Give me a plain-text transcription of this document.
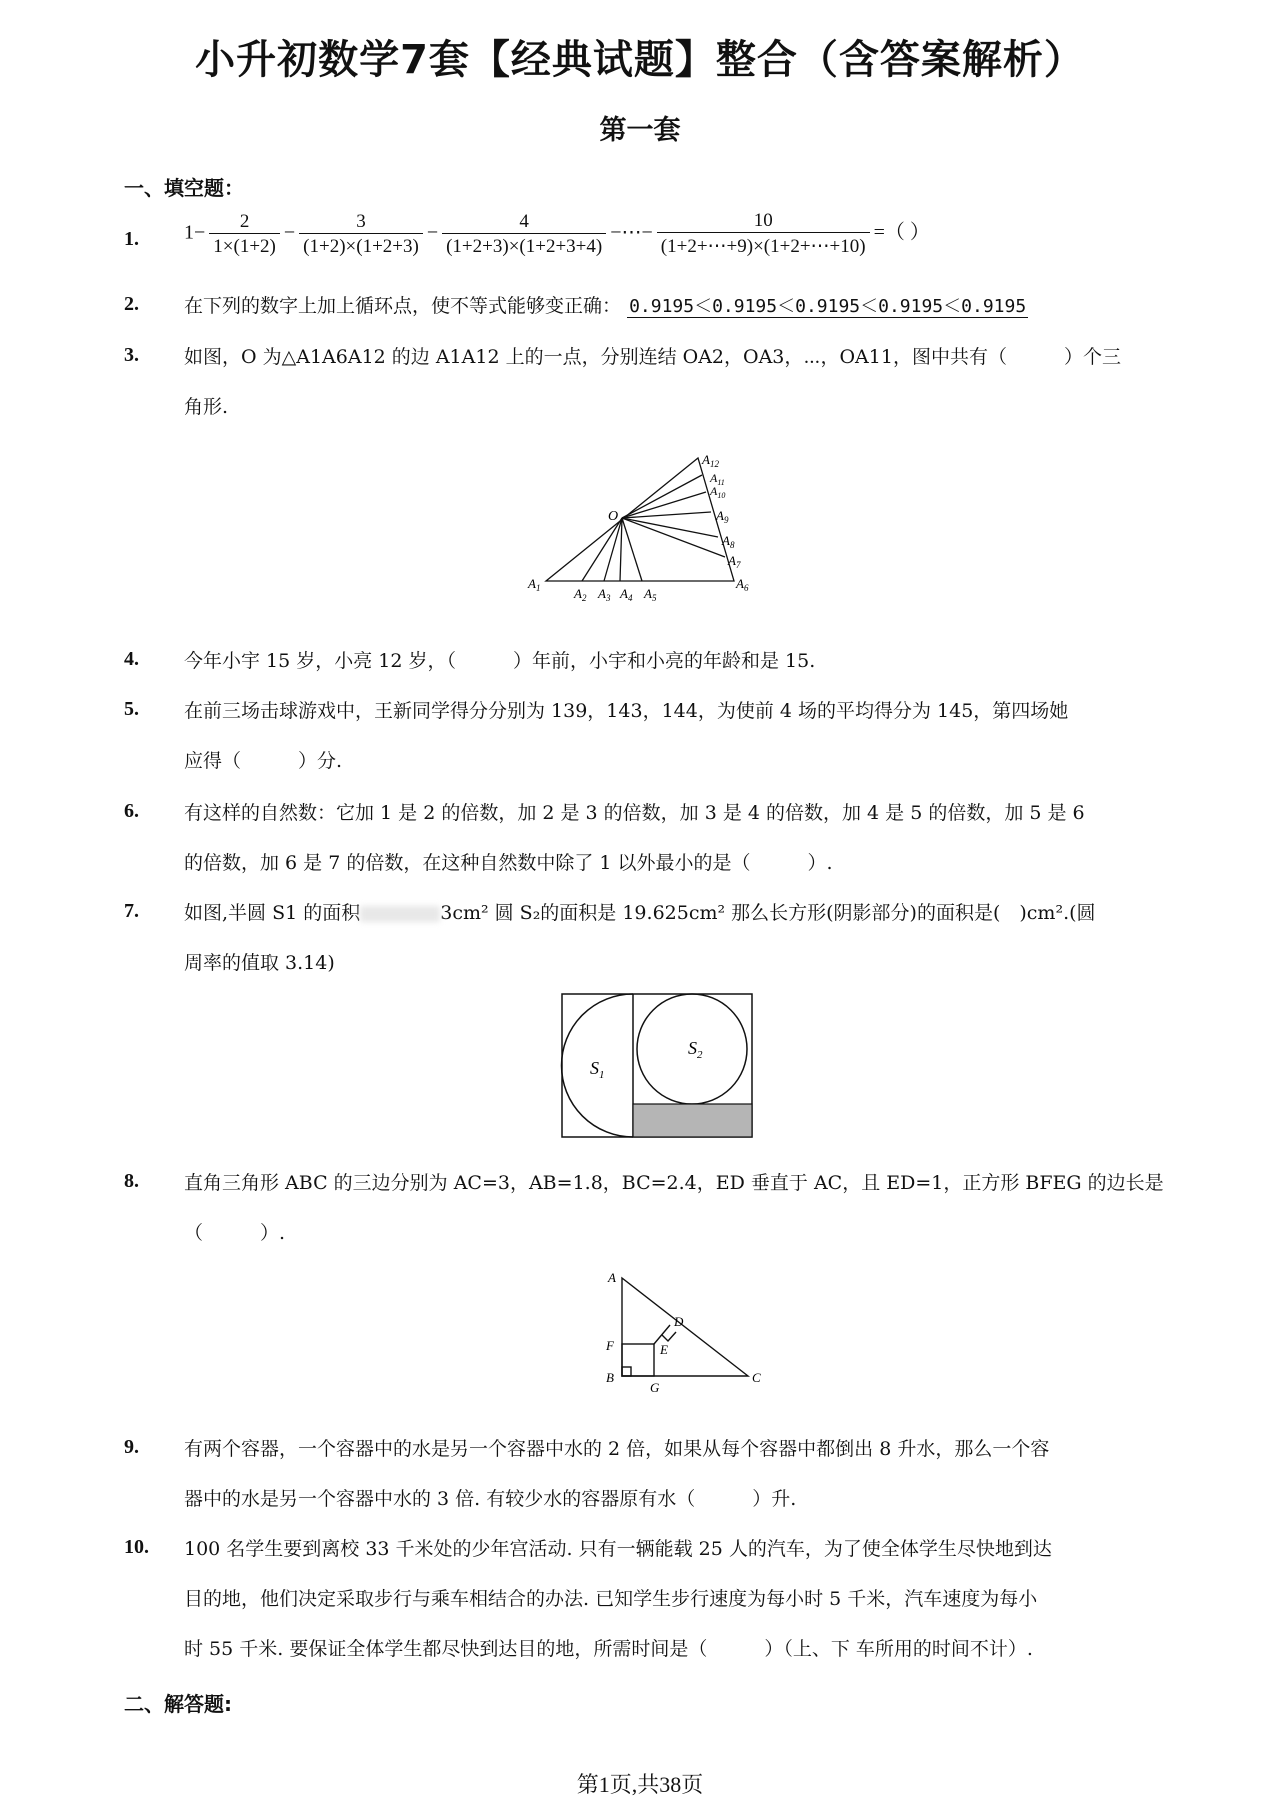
小升初数学7套【经典试题】整合（含答案解析）
第一套
一、填空题：
1. $1- \frac{2}{1\times(1+2)} - \frac{3}{(1+2)\times(1+2+3)} - \frac{4}{(1+2+3)\times(1+2+3+4)}$ −⋯− $\frac{10}{(1+2+\cdots+9)\times(1+2+\cdots+10)}$ =（ ）
2. 在下列的数字上加上循环点，使不等式能够变正确： 0.9195＜0.9195＜0.9195＜0.9195＜0.9195
3. 如图，O 为△A1A6A12 的边 A1A12 上的一点，分别连结 OA2，OA3，⋯，OA11，图中共有（　　　）个三
角形.
O
$A_1$	$A_2$ $A_3$ $A_4$ $A_5$
$A_6$
$A_7$
$A_8$
$A_9$
$A_{10}$
$A_{11}$
$A_{12}$
4. 今年小宇 15 岁，小亮 12 岁，（　　　）年前，小宇和小亮的年龄和是 15.
5. 在前三场击球游戏中，王新同学得分分别为 139，143，144，为使前 4 场的平均得分为 145，第四场她
应得（　　　）分.
6. 有这样的自然数：它加 1 是 2 的倍数，加 2 是 3 的倍数，加 3 是 4 的倍数，加 4 是 5 的倍数，加 5 是 6
的倍数，加 6 是 7 的倍数，在这种自然数中除了 1 以外最小的是（　　　）.
7. 如图,半圆 S1 的面积	3cm² 圆 S₂的面积是 19.625cm² 那么长方形(阴影部分)的面积是(　)cm².(圆
周率的值取 3.14)
$S_1$
$S_2$
8. 直角三角形 ABC 的三边分别为 AC=3，AB=1.8，BC=2.4，ED 垂直于 AC，且 ED=1，正方形 BFEG 的边长是
（　　　）.
A
B	C
D
E
F
G
9. 有两个容器，一个容器中的水是另一个容器中水的 2 倍，如果从每个容器中都倒出 8 升水，那么一个容
器中的水是另一个容器中水的 3 倍. 有较少水的容器原有水（　　　）升.
10. 100 名学生要到离校 33 千米处的少年宫活动. 只有一辆能载 25 人的汽车，为了使全体学生尽快地到达
目的地，他们决定采取步行与乘车相结合的办法. 已知学生步行速度为每小时 5 千米，汽车速度为每小
时 55 千米. 要保证全体学生都尽快到达目的地，所需时间是（　　　）（上、下 车所用的时间不计）.
二、解答题:
第1页,共38页
